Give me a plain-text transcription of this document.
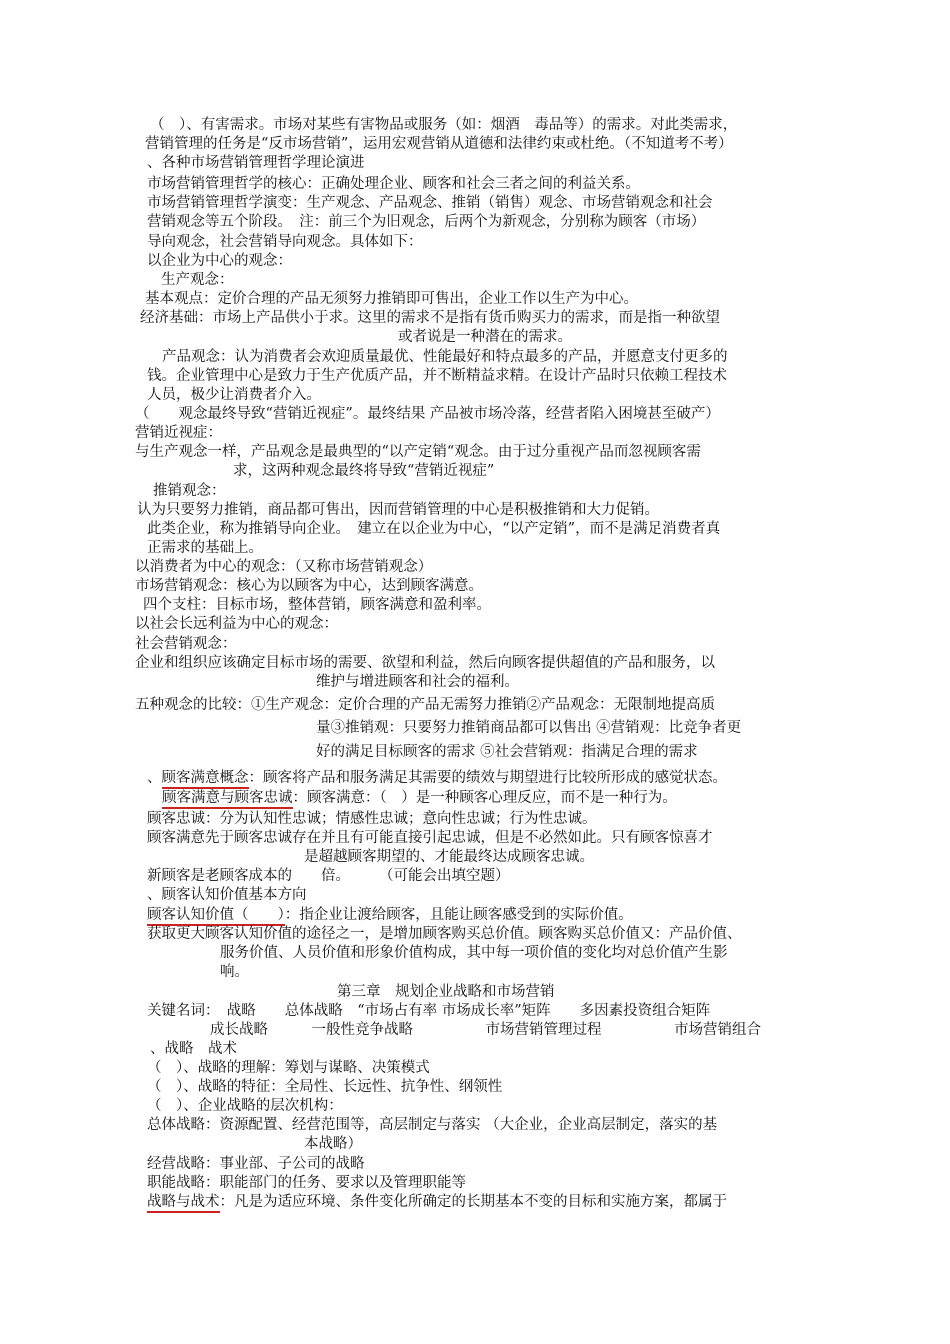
（　）、有害需求。市场对某些有害物品或服务（如：烟酒　毒品等）的需求。对此类需求，

营销管理的任务是“反市场营销”，运用宏观营销从道德和法律约束或杜绝。（不知道考不考）

、各种市场营销管理哲学理论演进

市场营销管理哲学的核心：正确处理企业、顾客和社会三者之间的利益关系。

市场营销管理哲学演变：生产观念、产品观念、推销（销售）观念、市场营销观念和社会

营销观念等五个阶段。　注：前三个为旧观念，后两个为新观念，分别称为顾客（市场）

导向观念，社会营销导向观念。具体如下：

以企业为中心的观念：

生产观念：

基本观点：定价合理的产品无须努力推销即可售出，企业工作以生产为中心。

经济基础：市场上产品供小于求。这里的需求不是指有货币购买力的需求，而是指一种欲望

或者说是一种潜在的需求。

产品观念：认为消费者会欢迎质量最优、性能最好和特点最多的产品，并愿意支付更多的

钱。企业管理中心是致力于生产优质产品，并不断精益求精。在设计产品时只依赖工程技术

人员，极少让消费者介入。

（　　观念最终导致“营销近视症”。最终结果 产品被市场冷落，经营者陷入困境甚至破产）

营销近视症：

与生产观念一样，产品观念是最典型的“以产定销“观念。由于过分重视产品而忽视顾客需

求，这两种观念最终将导致“营销近视症”

推销观念：

认为只要努力推销，商品都可售出，因而营销管理的中心是积极推销和大力促销。

此类企业，称为推销导向企业。　建立在以企业为中心，“以产定销”，而不是满足消费者真

正需求的基础上。

以消费者为中心的观念：（又称市场营销观念）

市场营销观念：核心为以顾客为中心，达到顾客满意。

四个支柱：目标市场，整体营销，顾客满意和盈利率。

以社会长远利益为中心的观念：

社会营销观念：

企业和组织应该确定目标市场的需要、欲望和利益，然后向顾客提供超值的产品和服务，以

维护与增进顾客和社会的福利。

五种观念的比较：①生产观念：定价合理的产品无需努力推销②产品观念：无限制地提高质

量③推销观：只要努力推销商品都可以售出 ④营销观：比竞争者更

好的满足目标顾客的需求 ⑤社会营销观：指满足合理的需求

、顾客满意概念：顾客将产品和服务满足其需要的绩效与期望进行比较所形成的感觉状态。

顾客满意与顾客忠诚：顾客满意：（　）是一种顾客心理反应，而不是一种行为。

顾客忠诚：分为认知性忠诚；情感性忠诚；意向性忠诚；行为性忠诚。

顾客满意先于顾客忠诚存在并且有可能直接引起忠诚，但是不必然如此。只有顾客惊喜才

是超越顾客期望的、才能最终达成顾客忠诚。

新顾客是老顾客成本的　　倍。　　　（可能会出填空题）

、顾客认知价值基本方向

顾客认知价值（　　）：指企业让渡给顾客，且能让顾客感受到的实际价值。

获取更大顾客认知价值的途径之一，是增加顾客购买总价值。顾客购买总价值又：产品价值、

服务价值、人员价值和形象价值构成，其中每一项价值的变化均对总价值产生影

响。

第三章　规划企业战略和市场营销

关键名词：　战略　　总体战略　“市场占有率 市场成长率”矩阵　　多因素投资组合矩阵

成长战略　　　一般性竞争战略　　　　　市场营销管理过程　　　　　市场营销组合

、战略　战术

（　）、战略的理解：筹划与谋略、决策模式

（　）、战略的特征：全局性、长远性、抗争性、纲领性

（　）、企业战略的层次机构：

总体战略：资源配置、经营范围等，高层制定与落实 （大企业，企业高层制定，落实的基

本战略）

经营战略：事业部、子公司的战略

职能战略：职能部门的任务、要求以及管理职能等

战略与战术：凡是为适应环境、条件变化所确定的长期基本不变的目标和实施方案，都属于
